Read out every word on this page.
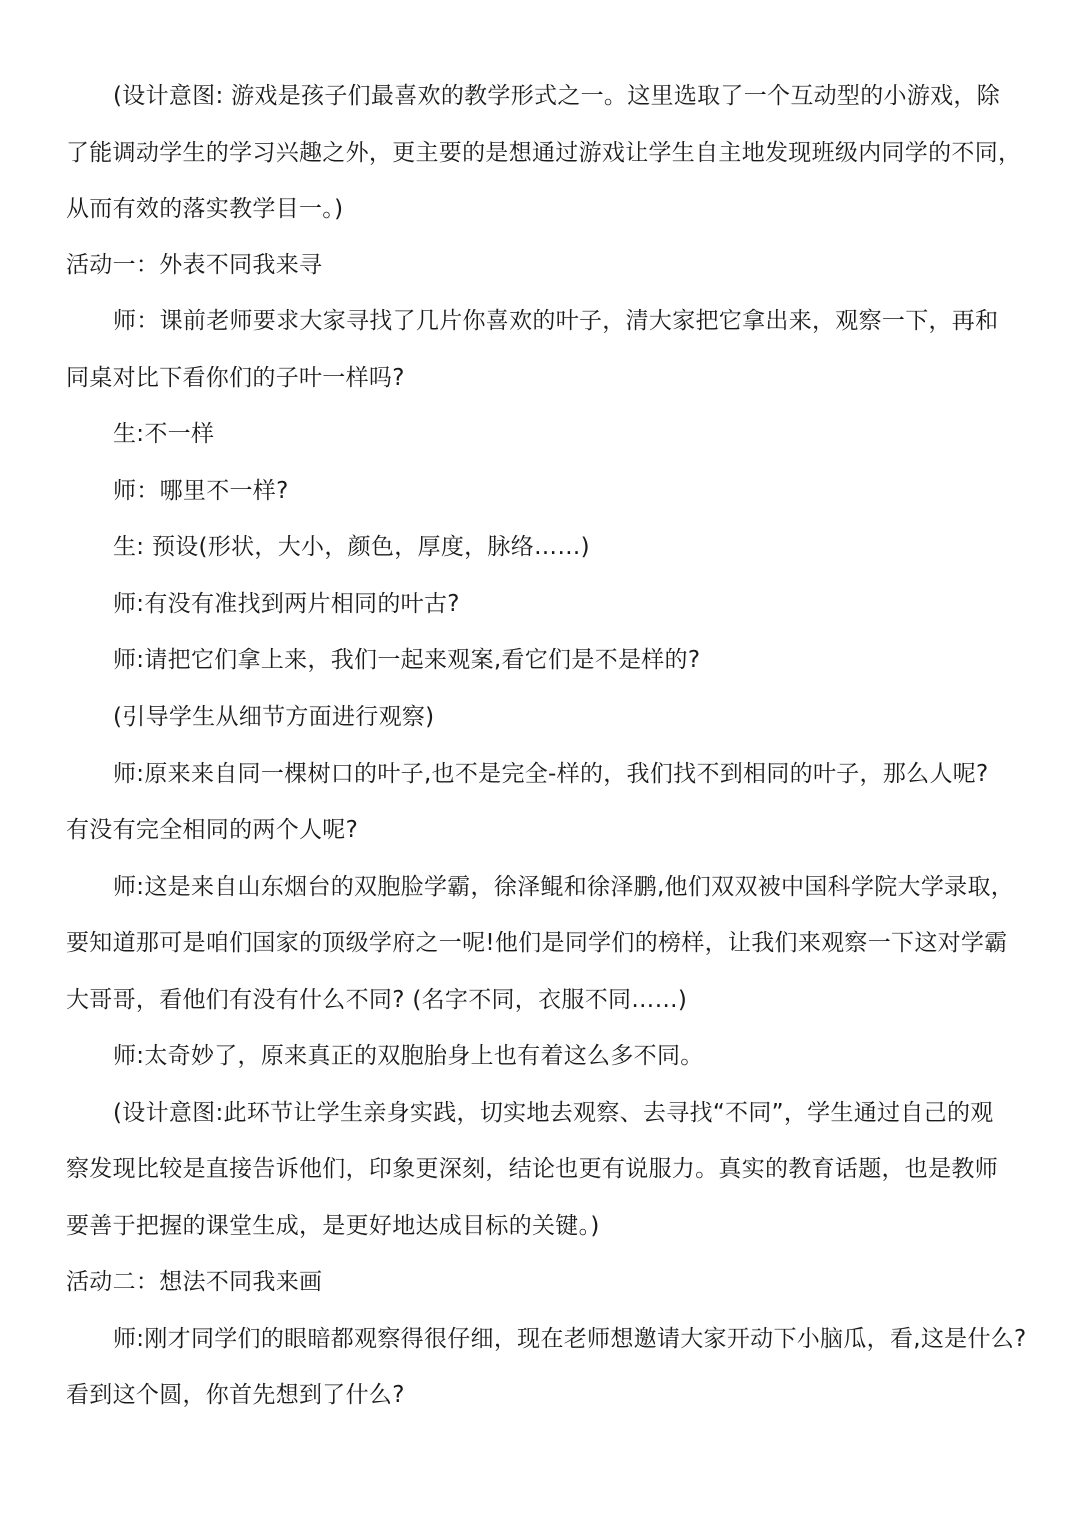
(设计意图: 游戏是孩子们最喜欢的教学形式之一。这里选取了一个互动型的小游戏，除
了能调动学生的学习兴趣之外，更主要的是想通过游戏让学生自主地发现班级内同学的不同，
从而有效的落实教学目一。)
活动一：外表不同我来寻
师：课前老师要求大家寻找了几片你喜欢的叶子，清大家把它拿出来，观察一下，再和
同桌对比下看你们的子叶一样吗?
生:不一样
师：哪里不一样?
生: 预设(形状，大小，颜色，厚度，脉络……)
师:有没有准找到两片相同的叶古?
师:请把它们拿上来，我们一起来观案,看它们是不是样的?
(引导学生从细节方面进行观察)
师:原来来自同一棵树口的叶子,也不是完全-样的，我们找不到相同的叶子，那么人呢?
有没有完全相同的两个人呢?
师:这是来自山东烟台的双胞脸学霸，徐泽鲲和徐泽鹏,他们双双被中国科学院大学录取，
要知道那可是咱们国家的顶级学府之一呢!他们是同学们的榜样，让我们来观察一下这对学霸
大哥哥，看他们有没有什么不同? (名字不同，衣服不同……)
师:太奇妙了，原来真正的双胞胎身上也有着这么多不同。
(设计意图:此环节让学生亲身实践，切实地去观察、去寻找“不同”，学生通过自己的观
察发现比较是直接告诉他们，印象更深刻，结论也更有说服力。真实的教育话题，也是教师
要善于把握的课堂生成，是更好地达成目标的关键。)
活动二：想法不同我来画
师:刚才同学们的眼暗都观察得很仔细，现在老师想邀请大家开动下小脑瓜，看,这是什么?
看到这个圆，你首先想到了什么?
